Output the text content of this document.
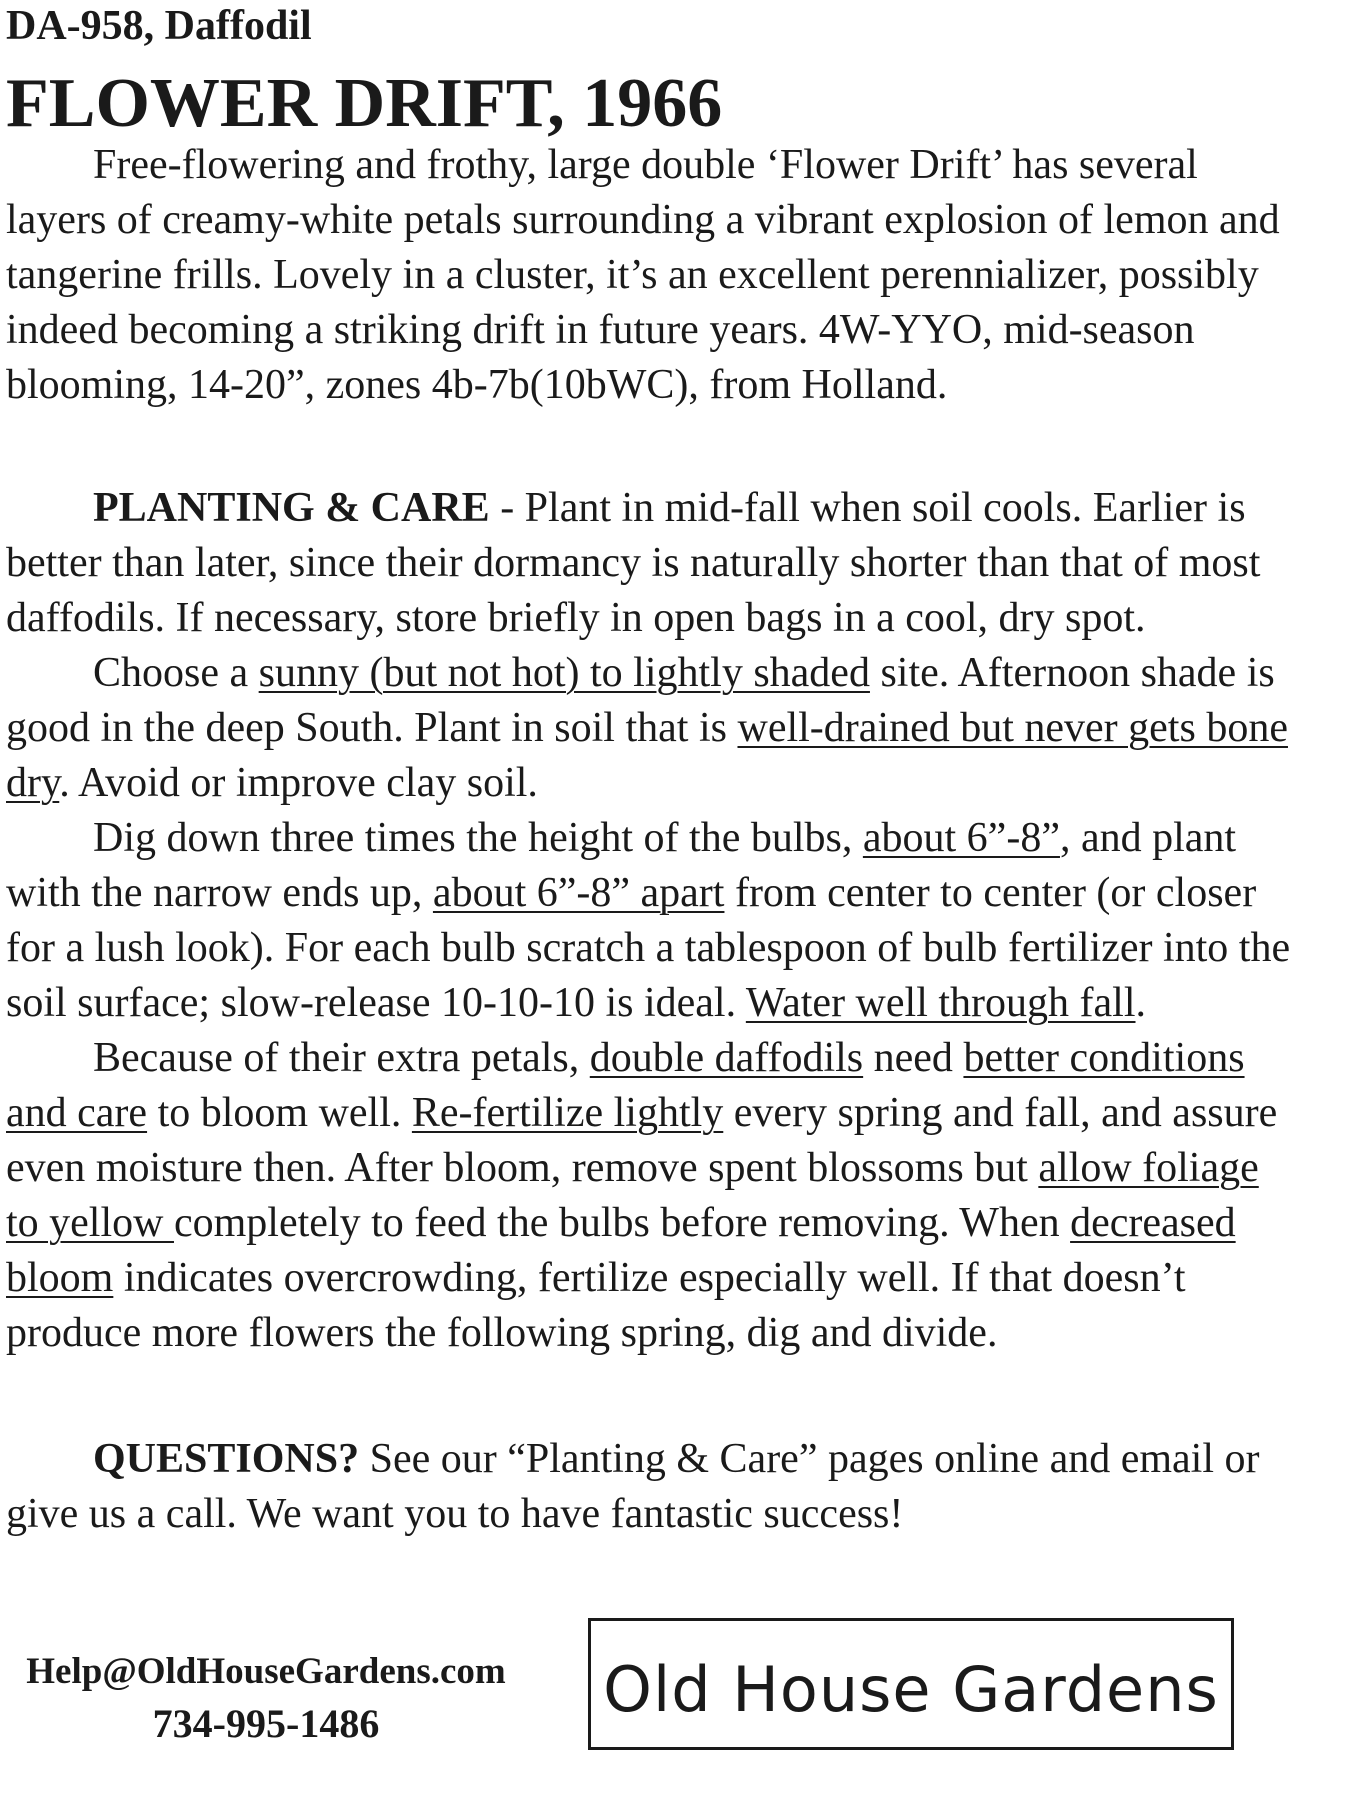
DA-958, Daffodil
FLOWER DRIFT, 1966

Free-flowering and frothy, large double ‘Flower Drift’ has several layers of creamy-white petals surrounding a vibrant explosion of lemon and tangerine frills. Lovely in a cluster, it’s an excellent perennializer, possibly indeed becoming a striking drift in future years. 4W-YYO, mid-season blooming, 14-20”, zones 4b-7b(10bWC), from Holland.

PLANTING & CARE - Plant in mid-fall when soil cools. Earlier is better than later, since their dormancy is naturally shorter than that of most daffodils. If necessary, store briefly in open bags in a cool, dry spot.

Choose a sunny (but not hot) to lightly shaded site. Afternoon shade is good in the deep South. Plant in soil that is well-drained but never gets bone dry. Avoid or improve clay soil.

Dig down three times the height of the bulbs, about 6”-8”, and plant with the narrow ends up, about 6”-8” apart from center to center (or closer for a lush look). For each bulb scratch a tablespoon of bulb fertilizer into the soil surface; slow-release 10-10-10 is ideal. Water well through fall.

Because of their extra petals, double daffodils need better conditions and care to bloom well. Re-fertilize lightly every spring and fall, and assure even moisture then. After bloom, remove spent blossoms but allow foliage to yellow completely to feed the bulbs before removing. When decreased bloom indicates overcrowding, fertilize especially well. If that doesn’t produce more flowers the following spring, dig and divide.

QUESTIONS? See our “Planting & Care” pages online and email or give us a call. We want you to have fantastic success!

Help@OldHouseGardens.com
734-995-1486	Old House Gardens
